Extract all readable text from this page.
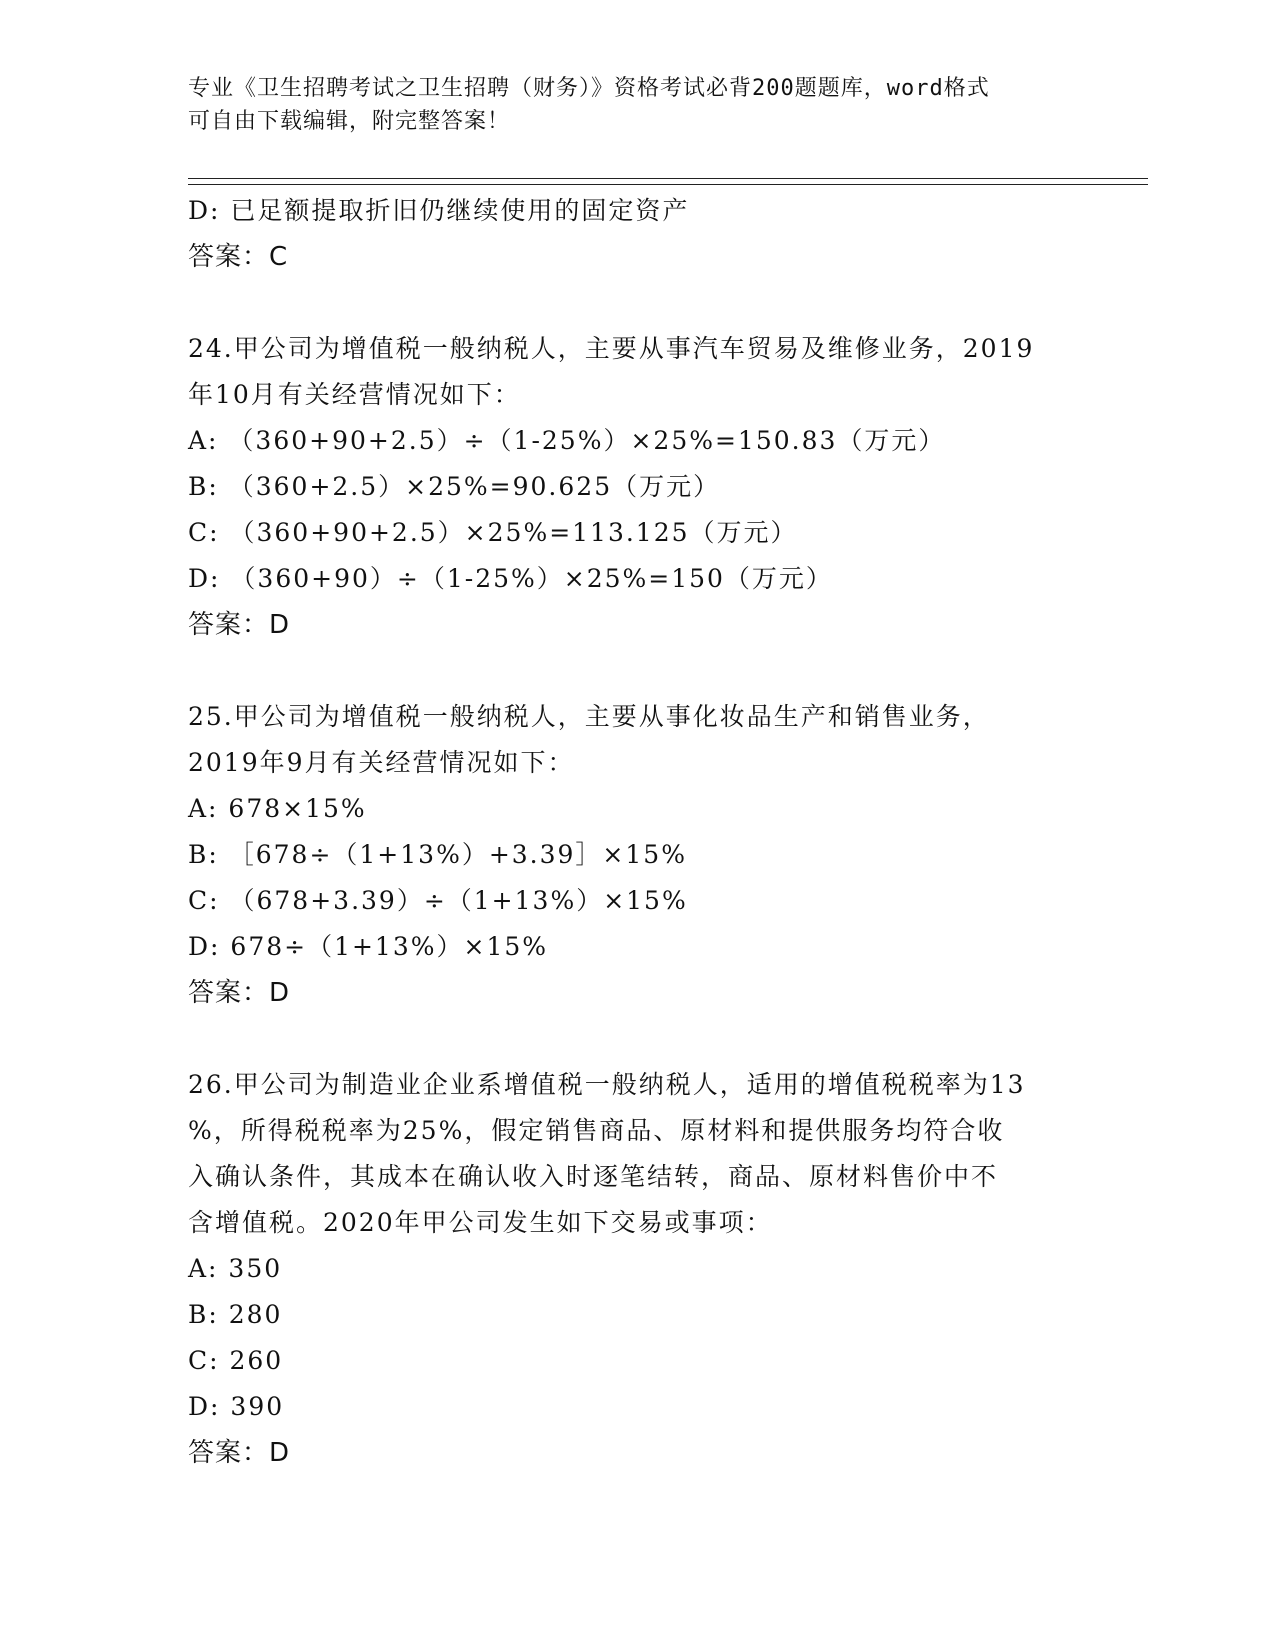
专业《卫生招聘考试之卫生招聘（财务）》资格考试必背200题题库，word格式
可自由下载编辑，附完整答案！
D: 已足额提取折旧仍继续使用的固定资产
答案：C
24.甲公司为增值税一般纳税人，主要从事汽车贸易及维修业务，2019
年10月有关经营情况如下：
A: （360+90+2.5）÷（1-25%）×25%=150.83（万元）
B: （360+2.5）×25%=90.625（万元）
C: （360+90+2.5）×25%=113.125（万元）
D: （360+90）÷（1-25%）×25%=150（万元）
答案：D
25.甲公司为增值税一般纳税人，主要从事化妆品生产和销售业务，
2019年9月有关经营情况如下：
A: 678×15%
B: ［678÷（1+13%）+3.39］×15%
C: （678+3.39）÷（1+13%）×15%
D: 678÷（1+13%）×15%
答案：D
26.甲公司为制造业企业系增值税一般纳税人，适用的增值税税率为13
%，所得税税率为25%，假定销售商品、原材料和提供服务均符合收
入确认条件，其成本在确认收入时逐笔结转，商品、原材料售价中不
含增值税。2020年甲公司发生如下交易或事项：
A: 350
B: 280
C: 260
D: 390
答案：D
